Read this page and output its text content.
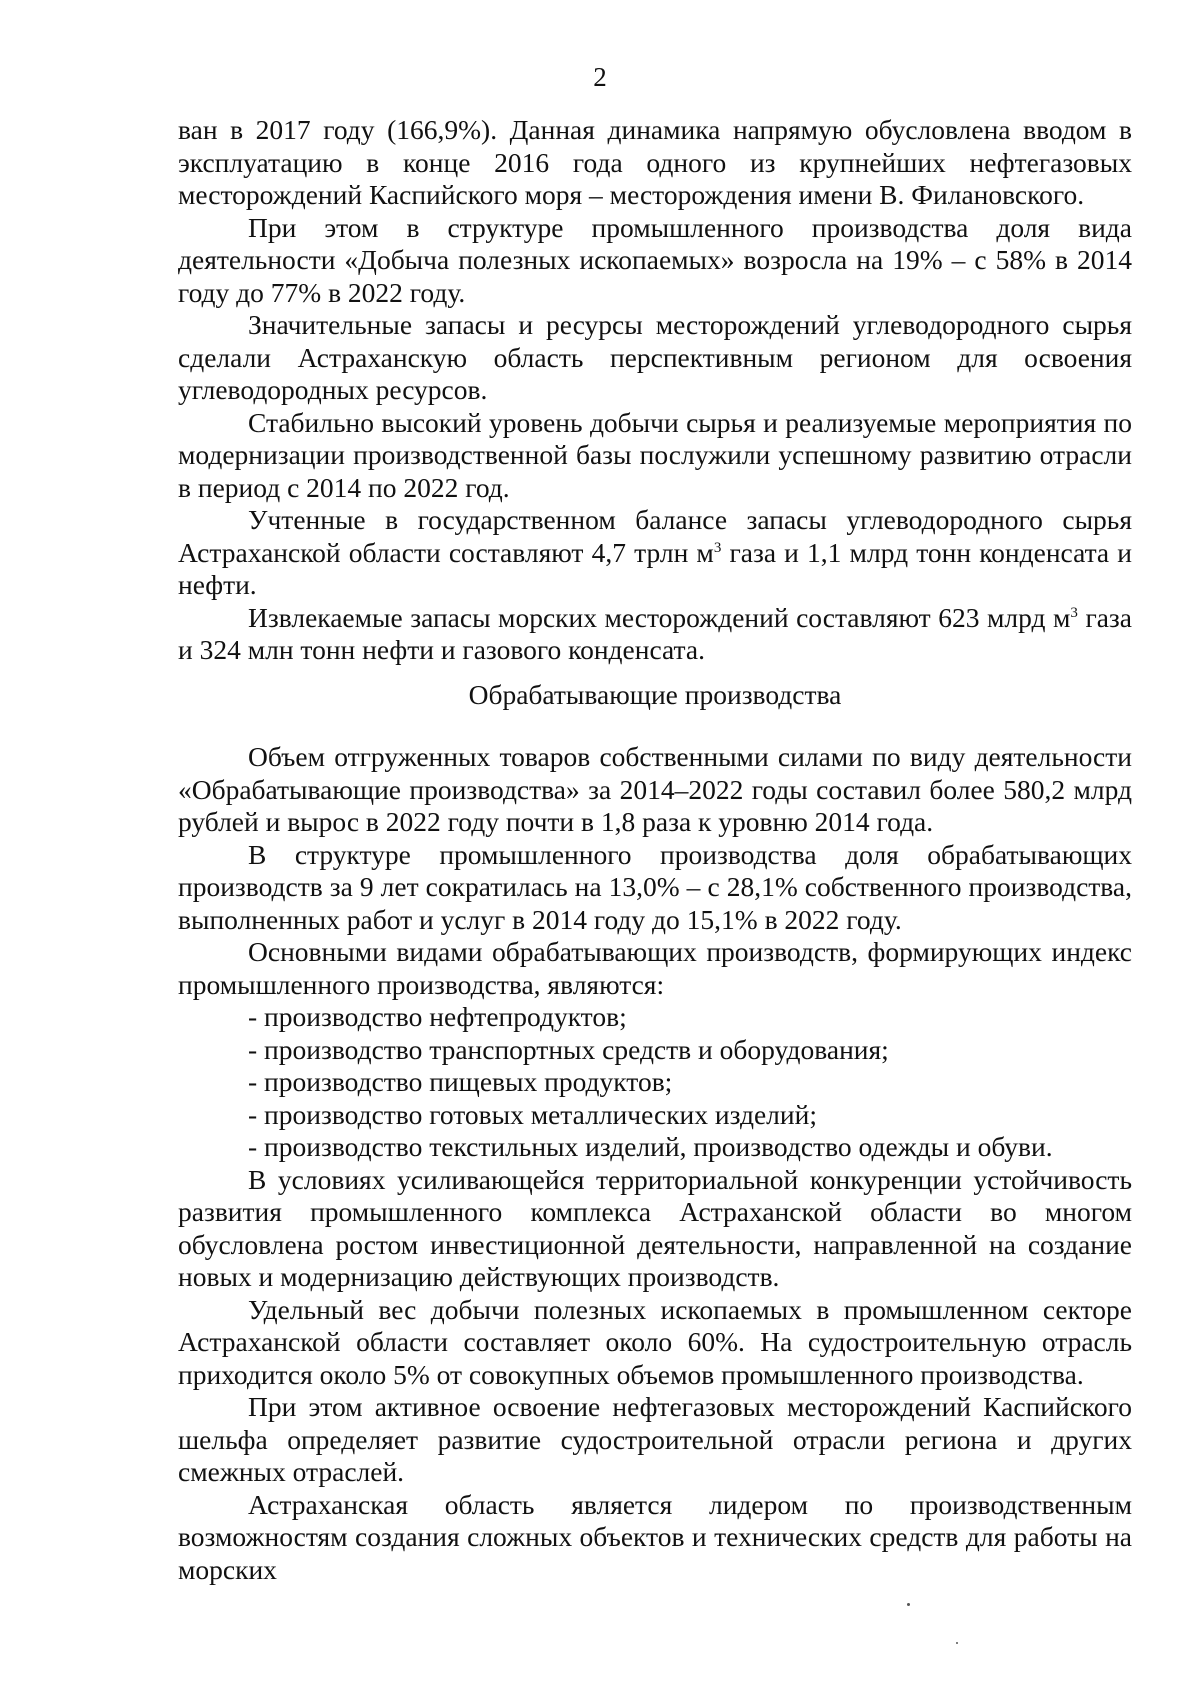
2

ван в 2017 году (166,9%). Данная динамика напрямую обусловлена вводом в эксплуатацию в конце 2016 года одного из крупнейших нефтегазовых месторождений Каспийского моря – месторождения имени В. Филановского.

При этом в структуре промышленного производства доля вида деятельности «Добыча полезных ископаемых» возросла на 19% – с 58% в 2014 году до 77% в 2022 году.

Значительные запасы и ресурсы месторождений углеводородного сырья сделали Астраханскую область перспективным регионом для освоения углеводородных ресурсов.

Стабильно высокий уровень добычи сырья и реализуемые мероприятия по модернизации производственной базы послужили успешному развитию отрасли в период с 2014 по 2022 год.

Учтенные в государственном балансе запасы углеводородного сырья Астраханской области составляют 4,7 трлн $м^3$ газа и 1,1 млрд тонн конденсата и нефти.

Извлекаемые запасы морских месторождений составляют 623 млрд $м^3$ газа и 324 млн тонн нефти и газового конденсата.

Обрабатывающие производства

Объем отгруженных товаров собственными силами по виду деятельности «Обрабатывающие производства» за 2014–2022 годы составил более 580,2 млрд рублей и вырос в 2022 году почти в 1,8 раза к уровню 2014 года.

В структуре промышленного производства доля обрабатывающих производств за 9 лет сократилась на 13,0% – с 28,1% собственного производства, выполненных работ и услуг в 2014 году до 15,1% в 2022 году.

Основными видами обрабатывающих производств, формирующих индекс промышленного производства, являются:

- производство нефтепродуктов;

- производство транспортных средств и оборудования;

- производство пищевых продуктов;

- производство готовых металлических изделий;

- производство текстильных изделий, производство одежды и обуви.

В условиях усиливающейся территориальной конкуренции устойчивость развития промышленного комплекса Астраханской области во многом обусловлена ростом инвестиционной деятельности, направленной на создание новых и модернизацию действующих производств.

Удельный вес добычи полезных ископаемых в промышленном секторе Астраханской области составляет около 60%. На судостроительную отрасль приходится около 5% от совокупных объемов промышленного производства.

При этом активное освоение нефтегазовых месторождений Каспийского шельфа определяет развитие судостроительной отрасли региона и других смежных отраслей.

Астраханская область является лидером по производственным возможностям создания сложных объектов и технических средств для работы на морских
